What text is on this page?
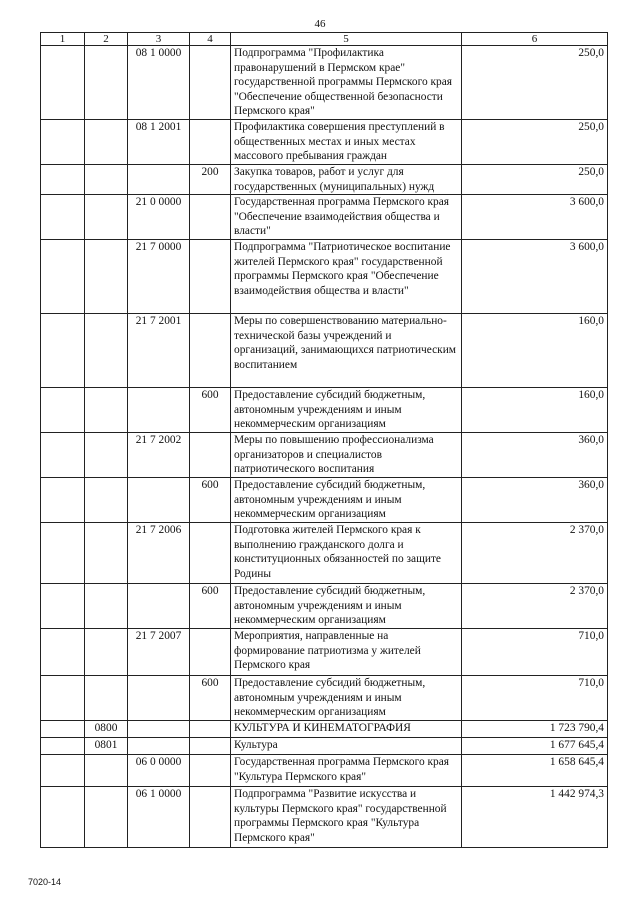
46
1	2	3	4	5	6
		08 1 0000		Подпрограмма "Профилактика правонарушений в Пермском крае" государственной программы Пермского края "Обеспечение общественной безопасности Пермского края"	250,0
		08 1 2001		Профилактика совершения преступлений в общественных местах и иных местах массового пребывания граждан	250,0
			200	Закупка товаров, работ и услуг для государственных (муниципальных) нужд	250,0
		21 0 0000		Государственная программа Пермского края "Обеспечение взаимодействия общества и власти"	3 600,0
		21 7 0000		Подпрограмма "Патриотическое воспитание жителей Пермского края" государственной программы Пермского края "Обеспечение взаимодействия общества и власти"	3 600,0
		21 7 2001		Меры по совершенствованию материально-технической базы учреждений и организаций, занимающихся патриотическим воспитанием	160,0
			600	Предоставление субсидий бюджетным, автономным учреждениям и иным некоммерческим организациям	160,0
		21 7 2002		Меры по повышению профессионализма организаторов и специалистов патриотического воспитания	360,0
			600	Предоставление субсидий бюджетным, автономным учреждениям и иным некоммерческим организациям	360,0
		21 7 2006		Подготовка жителей Пермского края к выполнению гражданского долга и конституционных обязанностей по защите Родины	2 370,0
			600	Предоставление субсидий бюджетным, автономным учреждениям и иным некоммерческим организациям	2 370,0
		21 7 2007		Мероприятия, направленные на формирование патриотизма у жителей Пермского края	710,0
			600	Предоставление субсидий бюджетным, автономным учреждениям и иным некоммерческим организациям	710,0
	0800			КУЛЬТУРА И КИНЕМАТОГРАФИЯ	1 723 790,4
	0801			Культура	1 677 645,4
		06 0 0000		Государственная программа Пермского края "Культура Пермского края"	1 658 645,4
		06 1 0000		Подпрограмма "Развитие искусства и культуры Пермского края" государственной программы Пермского края "Культура Пермского края"	1 442 974,3
7020-14
